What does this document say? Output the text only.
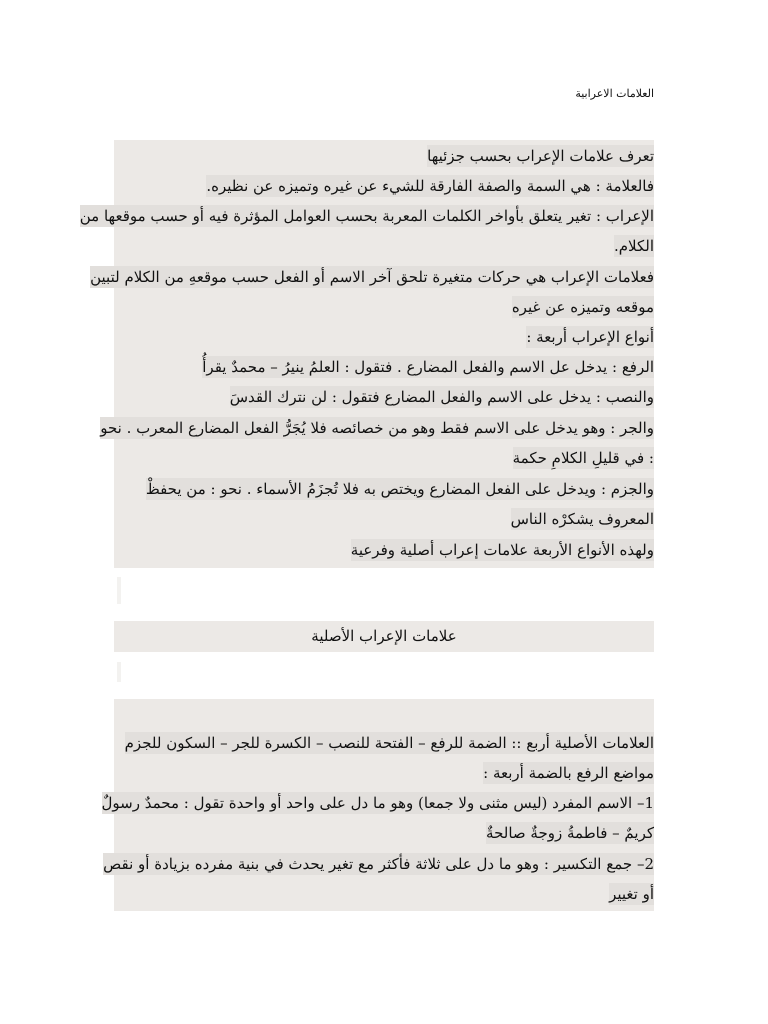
العلامات الاعرابية
تعرف علامات الإعراب بحسب جزئيها
فالعلامة : هي السمة والصفة الفارقة للشيء عن غيره وتميزه عن نظيره.
الإعراب : تغير يتعلق بأواخر الكلمات المعربة بحسب العوامل المؤثرة فيه أو حسب موقعها من
الكلام.
فعلامات الإعراب هي حركات متغيرة تلحق آخر الاسم أو الفعل حسب موقعهِ من الكلام لتبين
موقعه وتميزه عن غيره
أنواع الإعراب أربعة :
الرفع : يدخل عل الاسم والفعل المضارع . فتقول : العلمُ ينيرُ – محمدٌ يقرأُ
والنصب : يدخل على الاسم والفعل المضارع فتقول : لن نترك القدسَ
والجر : وهو يدخل على الاسم فقط وهو من خصائصه فلا يُجَرُّ الفعل المضارع المعرب . نحو
: في قليلِ الكلامِ حكمة
والجزم : ويدخل على الفعل المضارع ويختص به فلا تُجزَمُ الأسماء . نحو : من يحفظْ
المعروف يشكرْه الناس
ولهذه الأنواع الأربعة علامات إعراب أصلية وفرعية
علامات الإعراب الأصلية
العلامات الأصلية أربع :: الضمة للرفع – الفتحة للنصب – الكسرة للجر – السكون للجزم
مواضع الرفع بالضمة أربعة :
1– الاسم المفرد (ليس مثنى ولا جمعا) وهو ما دل على واحد أو واحدة تقول : محمدٌ رسولٌ
كريمٌ – فاطمةُ زوجةٌ صالحةٌ
2– جمع التكسير : وهو ما دل على ثلاثة فأكثر مع تغير يحدث في بنية مفرده بزيادة أو نقص
أو تغيير
